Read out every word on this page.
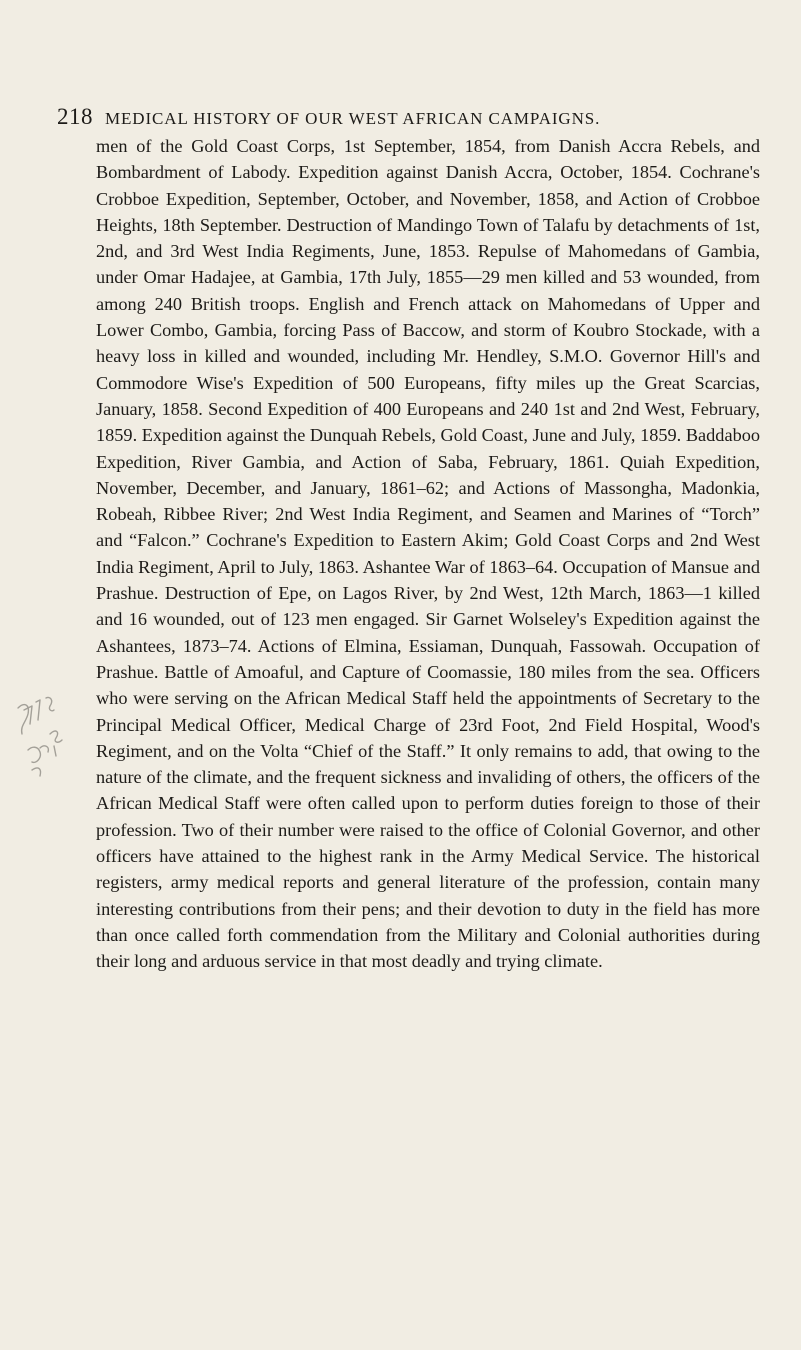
218 MEDICAL HISTORY OF OUR WEST AFRICAN CAMPAIGNS.

men of the Gold Coast Corps, 1st September, 1854, from Danish Accra Rebels, and Bombardment of Labody. Expedition against Danish Accra, October, 1854. Cochrane's Crobboe Expedition, September, October, and November, 1858, and Action of Crobboe Heights, 18th September. Destruction of Mandingo Town of Talafu by detachments of 1st, 2nd, and 3rd West India Regiments, June, 1853. Repulse of Mahomedans of Gambia, under Omar Hadajee, at Gambia, 17th July, 1855—29 men killed and 53 wounded, from among 240 British troops. English and French attack on Mahomedans of Upper and Lower Combo, Gambia, forcing Pass of Baccow, and storm of Koubro Stockade, with a heavy loss in killed and wounded, including Mr. Hendley, S.M.O. Governor Hill's and Commodore Wise's Expedition of 500 Europeans, fifty miles up the Great Scarcias, January, 1858. Second Expedition of 400 Europeans and 240 1st and 2nd West, February, 1859. Expedition against the Dunquah Rebels, Gold Coast, June and July, 1859. Baddaboo Expedition, River Gambia, and Action of Saba, February, 1861. Quiah Expedition, November, December, and January, 1861–62; and Actions of Massongha, Madonkia, Robeah, Ribbee River; 2nd West India Regiment, and Seamen and Marines of “Torch” and “Falcon.” Cochrane's Expedition to Eastern Akim; Gold Coast Corps and 2nd West India Regiment, April to July, 1863. Ashantee War of 1863–64. Occupation of Mansue and Prashue. Destruction of Epe, on Lagos River, by 2nd West, 12th March, 1863—1 killed and 16 wounded, out of 123 men engaged. Sir Garnet Wolseley's Expedition against the Ashantees, 1873–74. Actions of Elmina, Essiaman, Dunquah, Fassowah. Occupation of Prashue. Battle of Amoaful, and Capture of Coomassie, 180 miles from the sea. Officers who were serving on the African Medical Staff held the appointments of Secretary to the Principal Medical Officer, Medical Charge of 23rd Foot, 2nd Field Hospital, Wood's Regiment, and on the Volta “Chief of the Staff.” It only remains to add, that owing to the nature of the climate, and the frequent sickness and invaliding of others, the officers of the African Medical Staff were often called upon to perform duties foreign to those of their profession. Two of their number were raised to the office of Colonial Governor, and other officers have attained to the highest rank in the Army Medical Service. The historical registers, army medical reports and general literature of the profession, contain many interesting contributions from their pens; and their devotion to duty in the field has more than once called forth commendation from the Military and Colonial authorities during their long and arduous service in that most deadly and trying climate.
